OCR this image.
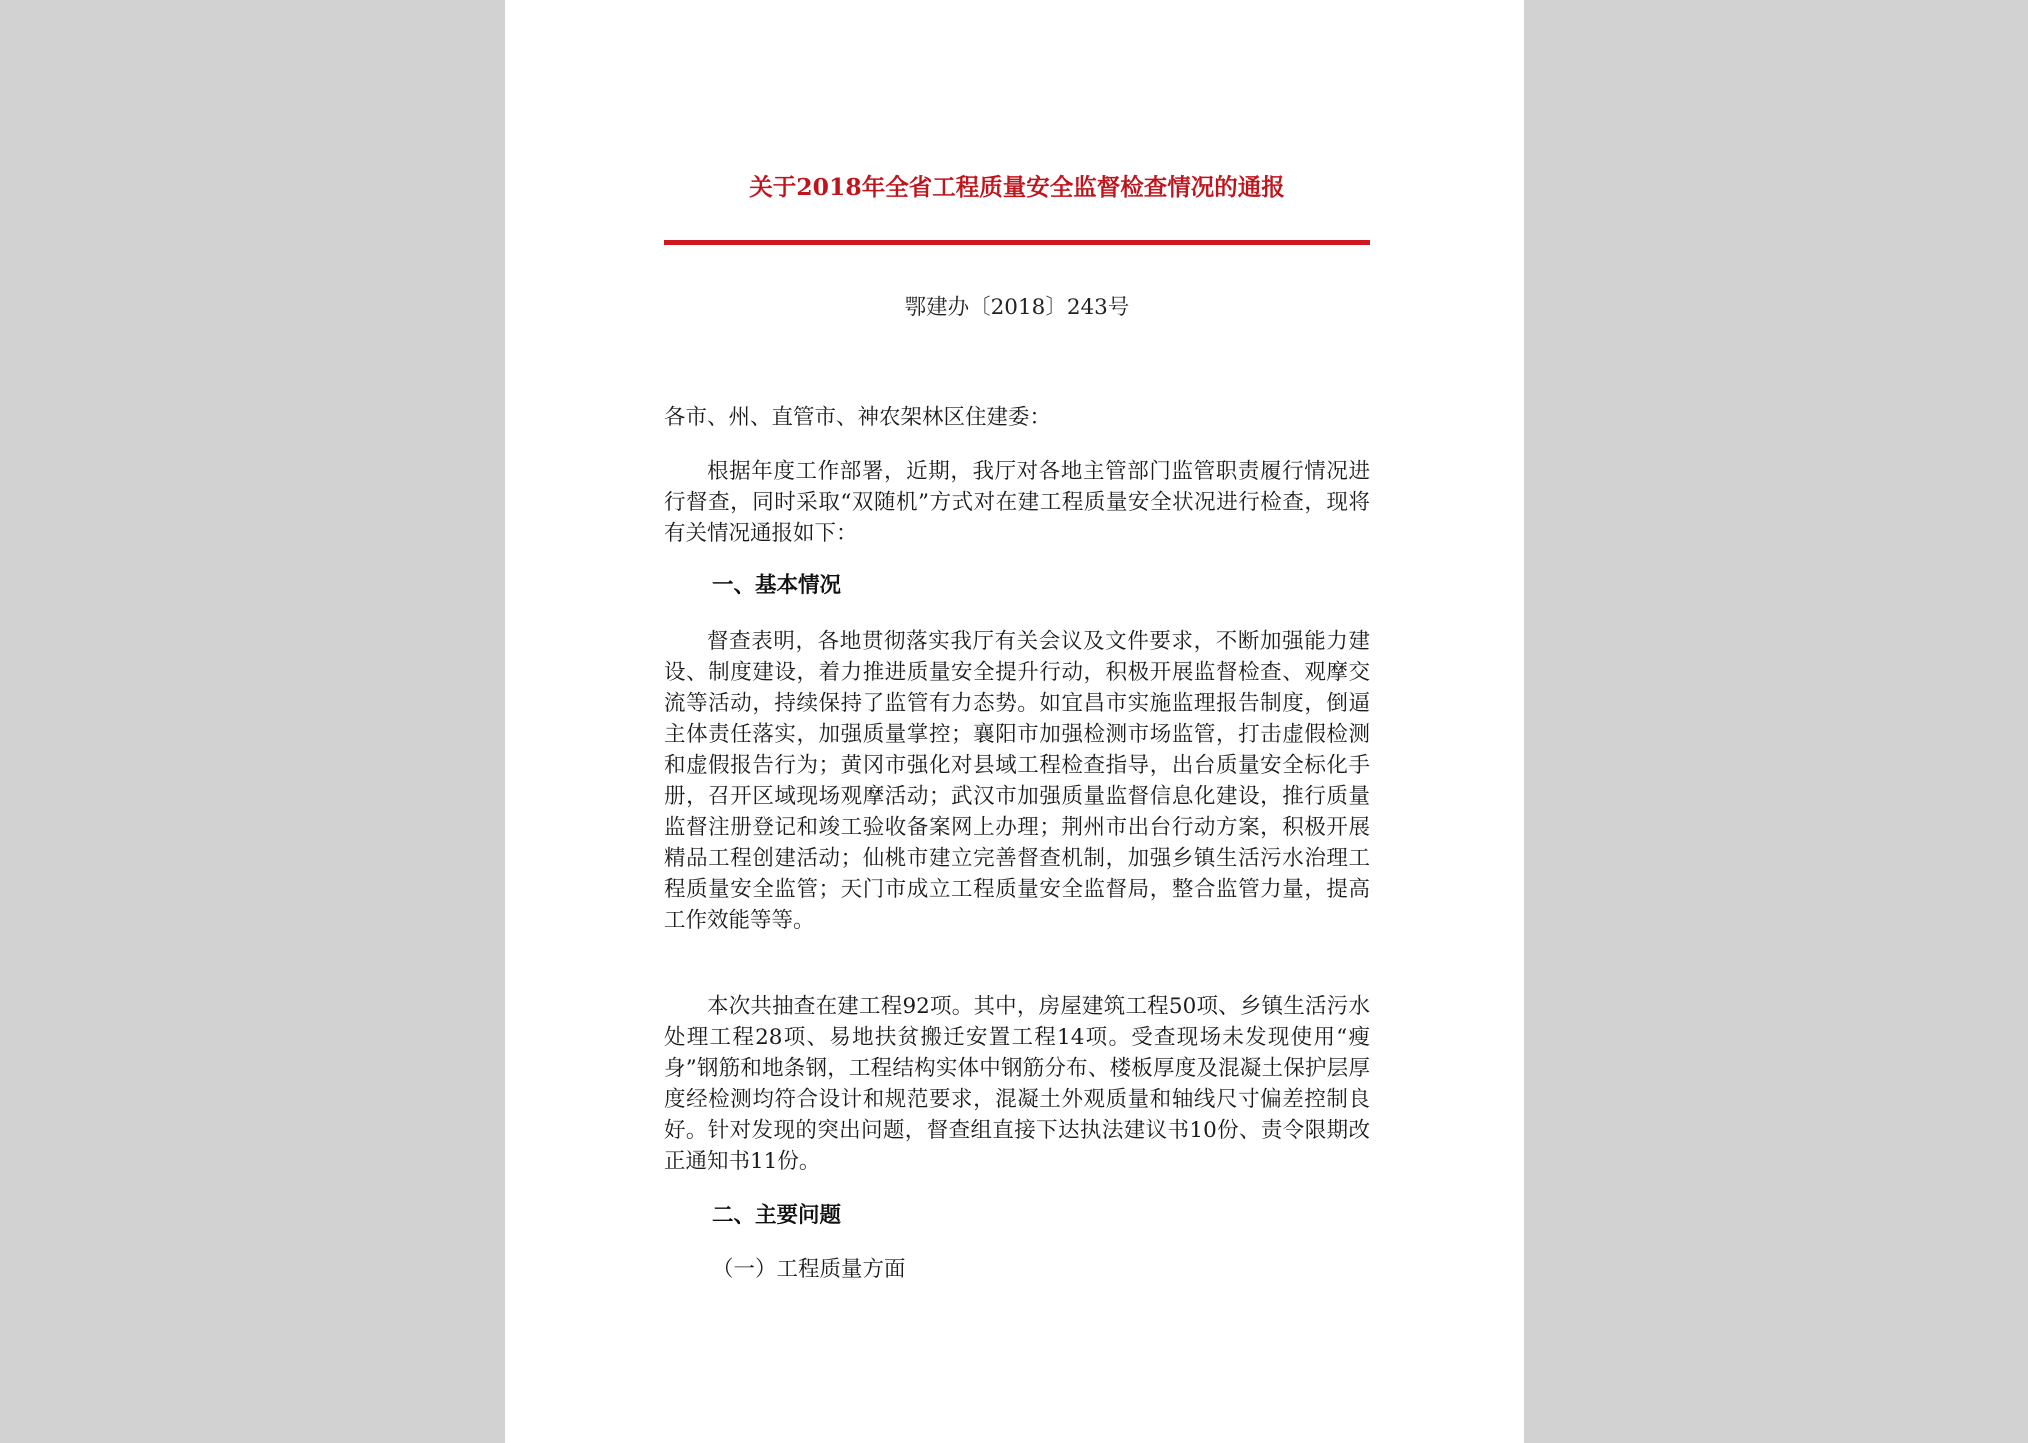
关于2018年全省工程质量安全监督检查情况的通报
鄂建办〔2018〕243号

各市、州、直管市、神农架林区住建委：

根据年度工作部署，近期，我厅对各地主管部门监管职责履行情况进行督查，同时采取“双随机”方式对在建工程质量安全状况进行检查，现将有关情况通报如下：

一、基本情况

督查表明，各地贯彻落实我厅有关会议及文件要求，不断加强能力建设、制度建设，着力推进质量安全提升行动，积极开展监督检查、观摩交流等活动，持续保持了监管有力态势。如宜昌市实施监理报告制度，倒逼主体责任落实，加强质量掌控；襄阳市加强检测市场监管，打击虚假检测和虚假报告行为；黄冈市强化对县域工程检查指导，出台质量安全标化手册，召开区域现场观摩活动；武汉市加强质量监督信息化建设，推行质量监督注册登记和竣工验收备案网上办理；荆州市出台行动方案，积极开展精品工程创建活动；仙桃市建立完善督查机制，加强乡镇生活污水治理工程质量安全监管；天门市成立工程质量安全监督局，整合监管力量，提高工作效能等等。

本次共抽查在建工程92项。其中，房屋建筑工程50项、乡镇生活污水处理工程28项、易地扶贫搬迁安置工程14项。受查现场未发现使用“瘦身”钢筋和地条钢，工程结构实体中钢筋分布、楼板厚度及混凝土保护层厚度经检测均符合设计和规范要求，混凝土外观质量和轴线尺寸偏差控制良好。针对发现的突出问题，督查组直接下达执法建议书10份、责令限期改正通知书11份。

二、主要问题

（一）工程质量方面
